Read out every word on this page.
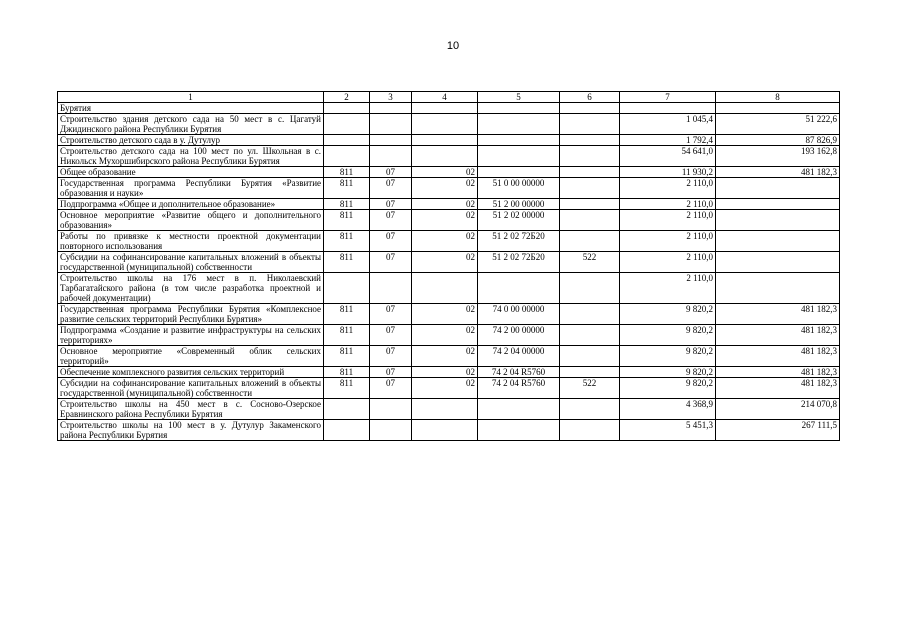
10
1	2	3	4	5	6	7	8
Бурятия							
Строительство здания детского сада на 50 мест в с. Цагатуй Джидинского района Республики Бурятия						1 045,4	51 222,6
Строительство детского сада в у. Дутулур						1 792,4	87 826,9
Строительство детского сада на 100 мест по ул. Школьная в с. Никольск Мухоршибирского района Республики Бурятия						54 641,0	193 162,8
Общее образование	811	07	02			11 930,2	481 182,3
Государственная программа Республики Бурятия «Развитие образования и науки»	811	07	02	51 0 00 00000		2 110,0	
Подпрограмма «Общее и дополнительное образование»	811	07	02	51 2 00 00000		2 110,0	
Основное мероприятие «Развитие общего и дополнительного образования»	811	07	02	51 2 02 00000		2 110,0	
Работы по привязке к местности проектной документации повторного использования	811	07	02	51 2 02 72Б20		2 110,0	
Субсидии на софинансирование капитальных вложений в объекты государственной (муниципальной) собственности	811	07	02	51 2 02 72Б20	522	2 110,0	
Строительство школы на 176 мест в п. Николаевский Тарбагатайского района (в том числе разработка проектной и рабочей документации)						2 110,0	
Государственная программа Республики Бурятия «Комплексное развитие сельских территорий Республики Бурятия»	811	07	02	74 0 00 00000		9 820,2	481 182,3
Подпрограмма «Создание и развитие инфраструктуры на сельских территориях»	811	07	02	74 2 00 00000		9 820,2	481 182,3
Основное мероприятие «Современный облик сельских территорий»	811	07	02	74 2 04 00000		9 820,2	481 182,3
Обеспечение комплексного развития сельских территорий	811	07	02	74 2 04 R5760		9 820,2	481 182,3
Субсидии на софинансирование капитальных вложений в объекты государственной (муниципальной) собственности	811	07	02	74 2 04 R5760	522	9 820,2	481 182,3
Строительство школы на 450 мест в с. Сосново-Озерское Еравнинского района Республики Бурятия						4 368,9	214 070,8
Строительство школы на 100 мест в у. Дутулур Закаменского района Республики Бурятия						5 451,3	267 111,5
